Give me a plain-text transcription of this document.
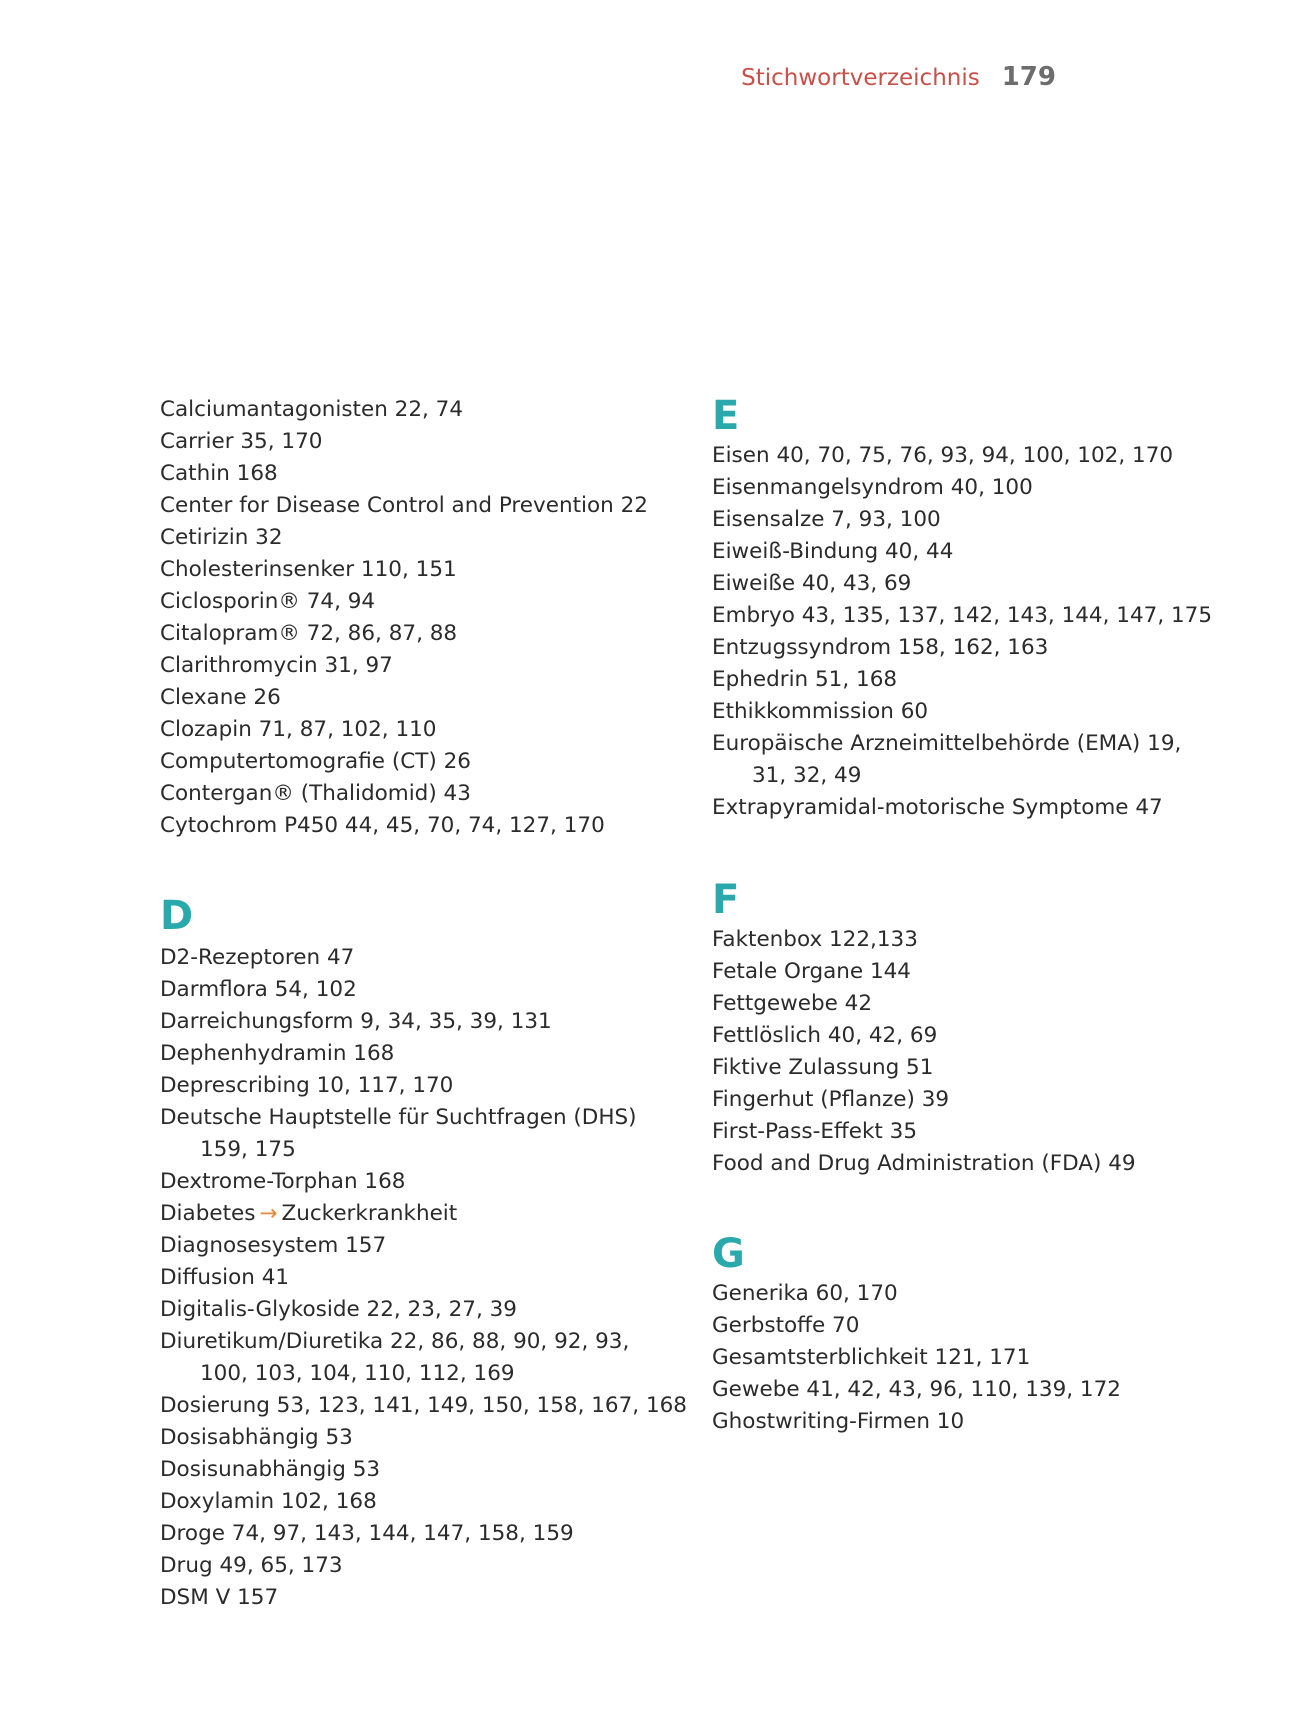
Stichwortverzeichnis 179
Calciumantagonisten 22, 74
Carrier 35, 170
Cathin 168
Center for Disease Control and Prevention 22
Cetirizin 32
Cholesterinsenker 110, 151
Ciclosporin® 74, 94
Citalopram® 72, 86, 87, 88
Clarithromycin 31, 97
Clexane 26
Clozapin 71, 87, 102, 110
Computertomografie (CT) 26
Contergan® (Thalidomid) 43
Cytochrom P450 44, 45, 70, 74, 127, 170
D
D2-Rezeptoren 47
Darmflora 54, 102
Darreichungsform 9, 34, 35, 39, 131
Dephenhydramin 168
Deprescribing 10, 117, 170
Deutsche Hauptstelle für Suchtfragen (DHS)
159, 175
Dextrome-Torphan 168
Diabetes → Zuckerkrankheit
Diagnosesystem 157
Diffusion 41
Digitalis-Glykoside 22, 23, 27, 39
Diuretikum/Diuretika 22, 86, 88, 90, 92, 93,
100, 103, 104, 110, 112, 169
Dosierung 53, 123, 141, 149, 150, 158, 167, 168
Dosisabhängig 53
Dosisunabhängig 53
Doxylamin 102, 168
Droge 74, 97, 143, 144, 147, 158, 159
Drug 49, 65, 173
DSM V 157
E
Eisen 40, 70, 75, 76, 93, 94, 100, 102, 170
Eisenmangelsyndrom 40, 100
Eisensalze 7, 93, 100
Eiweiß-Bindung 40, 44
Eiweiße 40, 43, 69
Embryo 43, 135, 137, 142, 143, 144, 147, 175
Entzugssyndrom 158, 162, 163
Ephedrin 51, 168
Ethikkommission 60
Europäische Arzneimittelbehörde (EMA) 19,
31, 32, 49
Extrapyramidal-motorische Symptome 47
F
Faktenbox 122,133
Fetale Organe 144
Fettgewebe 42
Fettlöslich 40, 42, 69
Fiktive Zulassung 51
Fingerhut (Pflanze) 39
First-Pass-Effekt 35
Food and Drug Administration (FDA) 49
G
Generika 60, 170
Gerbstoffe 70
Gesamtsterblichkeit 121, 171
Gewebe 41, 42, 43, 96, 110, 139, 172
Ghostwriting-Firmen 10
